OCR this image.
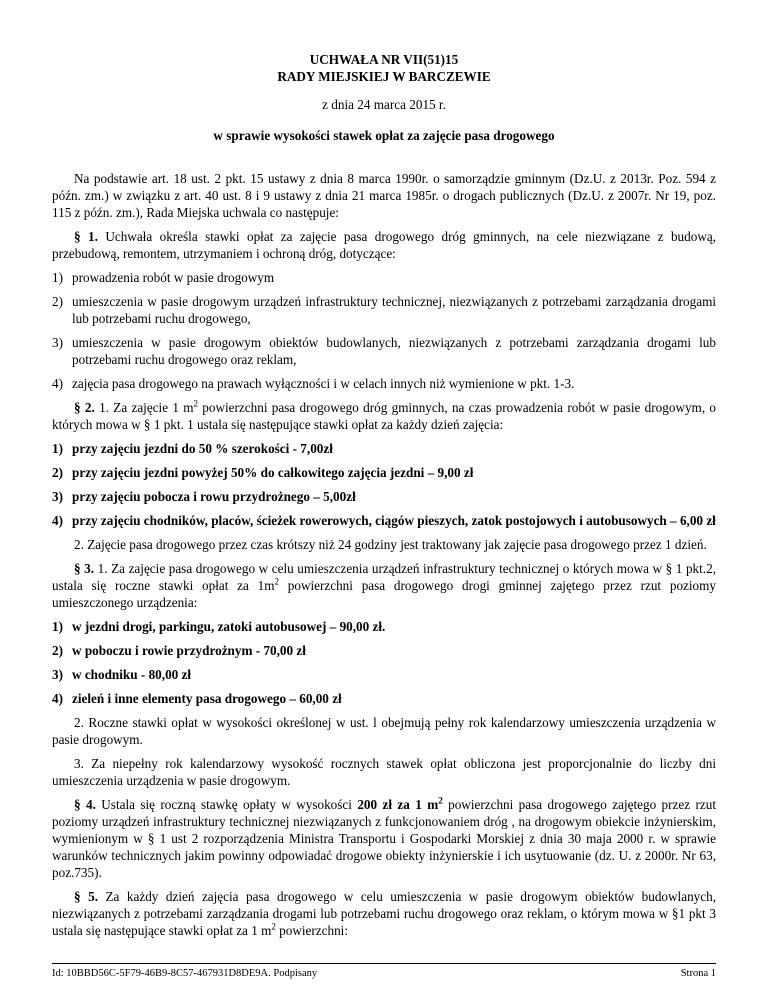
UCHWAŁA NR VII(51)15
RADY MIEJSKIEJ W BARCZEWIE
z dnia 24 marca 2015 r.
w sprawie wysokości stawek opłat za zajęcie pasa drogowego

Na podstawie art. 18 ust. 2 pkt. 15 ustawy z dnia 8 marca 1990r. o samorządzie gminnym (Dz.U. z 2013r. Poz. 594 z późn. zm.) w związku z art. 40 ust. 8 i 9 ustawy z dnia 21 marca 1985r. o drogach publicznych (Dz.U. z 2007r. Nr 19, poz. 115 z późn. zm.), Rada Miejska uchwala co następuje:

§ 1. Uchwała określa stawki opłat za zajęcie pasa drogowego dróg gminnych, na cele niezwiązane z budową, przebudową, remontem, utrzymaniem i ochroną dróg, dotyczące:

1) prowadzenia robót w pasie drogowym
2) umieszczenia w pasie drogowym urządzeń infrastruktury technicznej, niezwiązanych z potrzebami zarządzania drogami lub potrzebami ruchu drogowego,
3) umieszczenia w pasie drogowym obiektów budowlanych, niezwiązanych z potrzebami zarządzania drogami lub potrzebami ruchu drogowego oraz reklam,
4) zajęcia pasa drogowego na prawach wyłączności i w celach innych niż wymienione w pkt. 1-3.

§ 2. 1. Za zajęcie 1 $m^2$ powierzchni pasa drogowego dróg gminnych, na czas prowadzenia robót w pasie drogowym, o których mowa w § 1 pkt. 1 ustala się następujące stawki opłat za każdy dzień zajęcia:

1) przy zajęciu jezdni do 50 % szerokości - 7,00zł
2) przy zajęciu jezdni powyżej 50% do całkowitego zajęcia jezdni – 9,00 zł
3) przy zajęciu pobocza i rowu przydrożnego – 5,00zł
4) przy zajęciu chodników, placów, ścieżek rowerowych, ciągów pieszych, zatok postojowych i autobusowych – 6,00 zł

2. Zajęcie pasa drogowego przez czas krótszy niż 24 godziny jest traktowany jak zajęcie pasa drogowego przez 1 dzień.

§ 3. 1. Za zajęcie pasa drogowego w celu umieszczenia urządzeń infrastruktury technicznej o których mowa w § 1 pkt.2, ustala się roczne stawki opłat za $1m^2$ powierzchni pasa drogowego drogi gminnej zajętego przez rzut poziomy umieszczonego urządzenia:

1) w jezdni drogi, parkingu, zatoki autobusowej – 90,00 zł.
2) w poboczu i rowie przydrożnym - 70,00 zł
3) w chodniku - 80,00 zł
4) zieleń i inne elementy pasa drogowego – 60,00 zł

2. Roczne stawki opłat w wysokości określonej w ust. l obejmują pełny rok kalendarzowy umieszczenia urządzenia w pasie drogowym.

3. Za niepełny rok kalendarzowy wysokość rocznych stawek opłat obliczona jest proporcjonalnie do liczby dni umieszczenia urządzenia w pasie drogowym.

§ 4. Ustala się roczną stawkę opłaty w wysokości 200 zł za 1 $m^2$ powierzchni pasa drogowego zajętego przez rzut poziomy urządzeń infrastruktury technicznej niezwiązanych z funkcjonowaniem dróg , na drogowym obiekcie inżynierskim, wymienionym w § 1 ust 2 rozporządzenia Ministra Transportu i Gospodarki Morskiej z dnia 30 maja 2000 r. w sprawie warunków technicznych jakim powinny odpowiadać drogowe obiekty inżynierskie i ich usytuowanie (dz. U. z 2000r. Nr 63, poz.735).

§ 5. Za każdy dzień zajęcia pasa drogowego w celu umieszczenia w pasie drogowym obiektów budowlanych, niezwiązanych z potrzebami zarządzania drogami lub potrzebami ruchu drogowego oraz reklam, o którym mowa w §1 pkt 3 ustala się następujące stawki opłat za 1 $m^2$ powierzchni:

Id: 10BBD56C-5F79-46B9-8C57-467931D8DE9A. Podpisany	Strona 1
